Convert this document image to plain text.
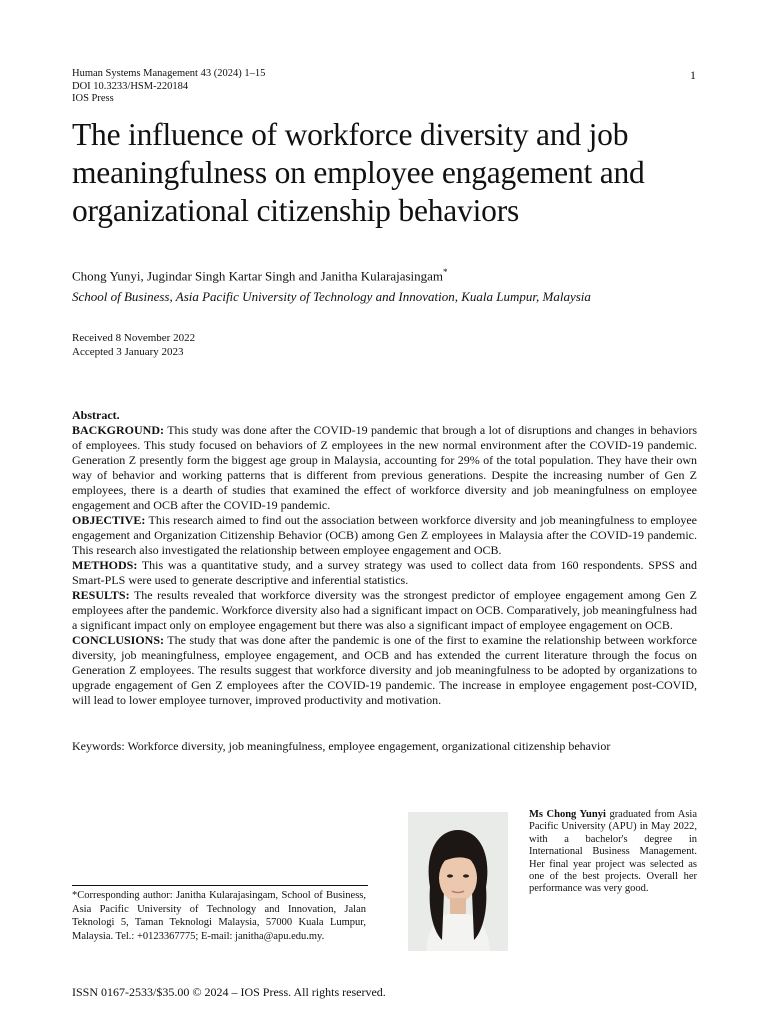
Human Systems Management 43 (2024) 1–15
DOI 10.3233/HSM-220184
IOS Press
1
The influence of workforce diversity and job meaningfulness on employee engagement and organizational citizenship behaviors
Chong Yunyi, Jugindar Singh Kartar Singh and Janitha Kularajasingam*
School of Business, Asia Pacific University of Technology and Innovation, Kuala Lumpur, Malaysia
Received 8 November 2022
Accepted 3 January 2023

Abstract.

BACKGROUND: This study was done after the COVID-19 pandemic that brough a lot of disruptions and changes in behaviors of employees. This study focused on behaviors of Z employees in the new normal environment after the COVID-19 pandemic. Generation Z presently form the biggest age group in Malaysia, accounting for 29% of the total population. They have their own way of behavior and working patterns that is different from previous generations. Despite the increasing number of Gen Z employees, there is a dearth of studies that examined the effect of workforce diversity and job meaningfulness on employee engagement and OCB after the COVID-19 pandemic.

OBJECTIVE: This research aimed to find out the association between workforce diversity and job meaningfulness to employee engagement and Organization Citizenship Behavior (OCB) among Gen Z employees in Malaysia after the COVID-19 pandemic. This research also investigated the relationship between employee engagement and OCB.

METHODS: This was a quantitative study, and a survey strategy was used to collect data from 160 respondents. SPSS and Smart-PLS were used to generate descriptive and inferential statistics.

RESULTS: The results revealed that workforce diversity was the strongest predictor of employee engagement among Gen Z employees after the pandemic. Workforce diversity also had a significant impact on OCB. Comparatively, job meaningfulness had a significant impact only on employee engagement but there was also a significant impact of employee engagement on OCB.

CONCLUSIONS: The study that was done after the pandemic is one of the first to examine the relationship between workforce diversity, job meaningfulness, employee engagement, and OCB and has extended the current literature through the focus on Generation Z employees. The results suggest that workforce diversity and job meaningfulness to be adopted by organizations to upgrade engagement of Gen Z employees after the COVID-19 pandemic. The increase in employee engagement post-COVID, will lead to lower employee turnover, improved productivity and motivation.

Keywords: Workforce diversity, job meaningfulness, employee engagement, organizational citizenship behavior
*Corresponding author: Janitha Kularajasingam, School of Business, Asia Pacific University of Technology and Innovation, Jalan Teknologi 5, Taman Teknologi Malaysia, 57000 Kuala Lumpur, Malaysia. Tel.: +0123367775; E-mail: janitha@apu.edu.my.
Ms Chong Yunyi graduated from Asia Pacific University (APU) in May 2022, with a bachelor's degree in International Business Management. Her final year project was selected as one of the best projects. Overall her performance was very good.
ISSN 0167-2533/$35.00 © 2024 – IOS Press. All rights reserved.
